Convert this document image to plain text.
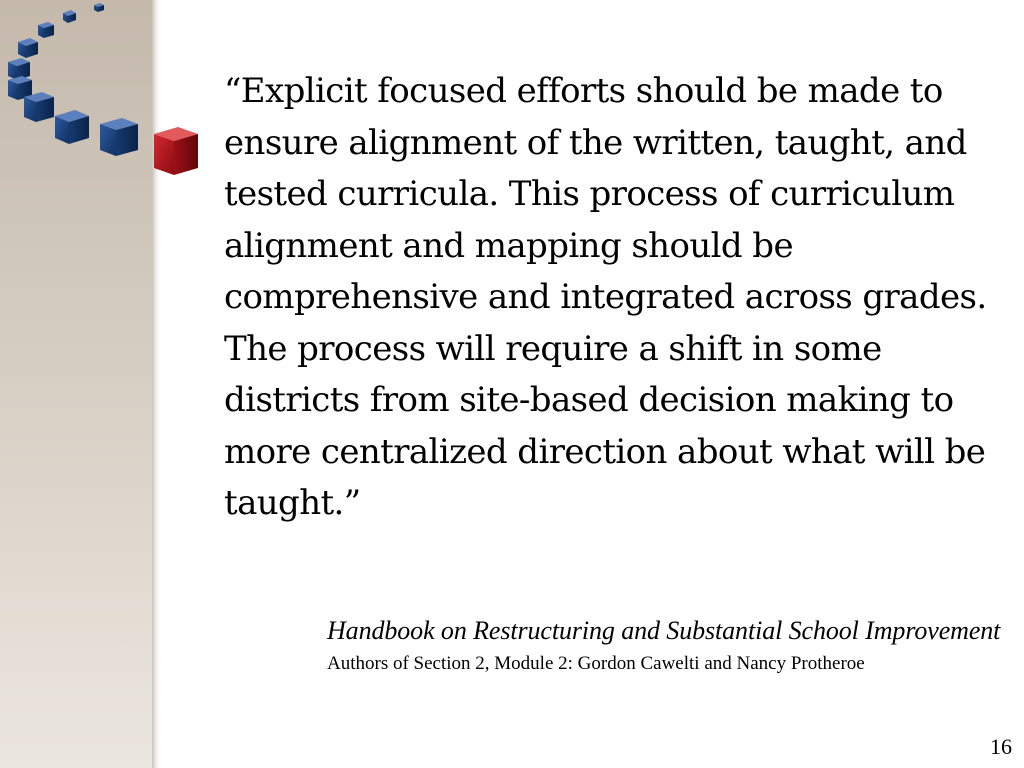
“Explicit focused efforts should be made to ensure alignment of the written, taught, and tested curricula. This process of curriculum alignment and mapping should be comprehensive and integrated across grades.

The process will require a shift in some districts from site-based decision making to more centralized direction about what will be taught.”

Handbook on Restructuring and Substantial School Improvement

Authors of Section 2, Module 2: Gordon Cawelti and Nancy Protheroe

16
